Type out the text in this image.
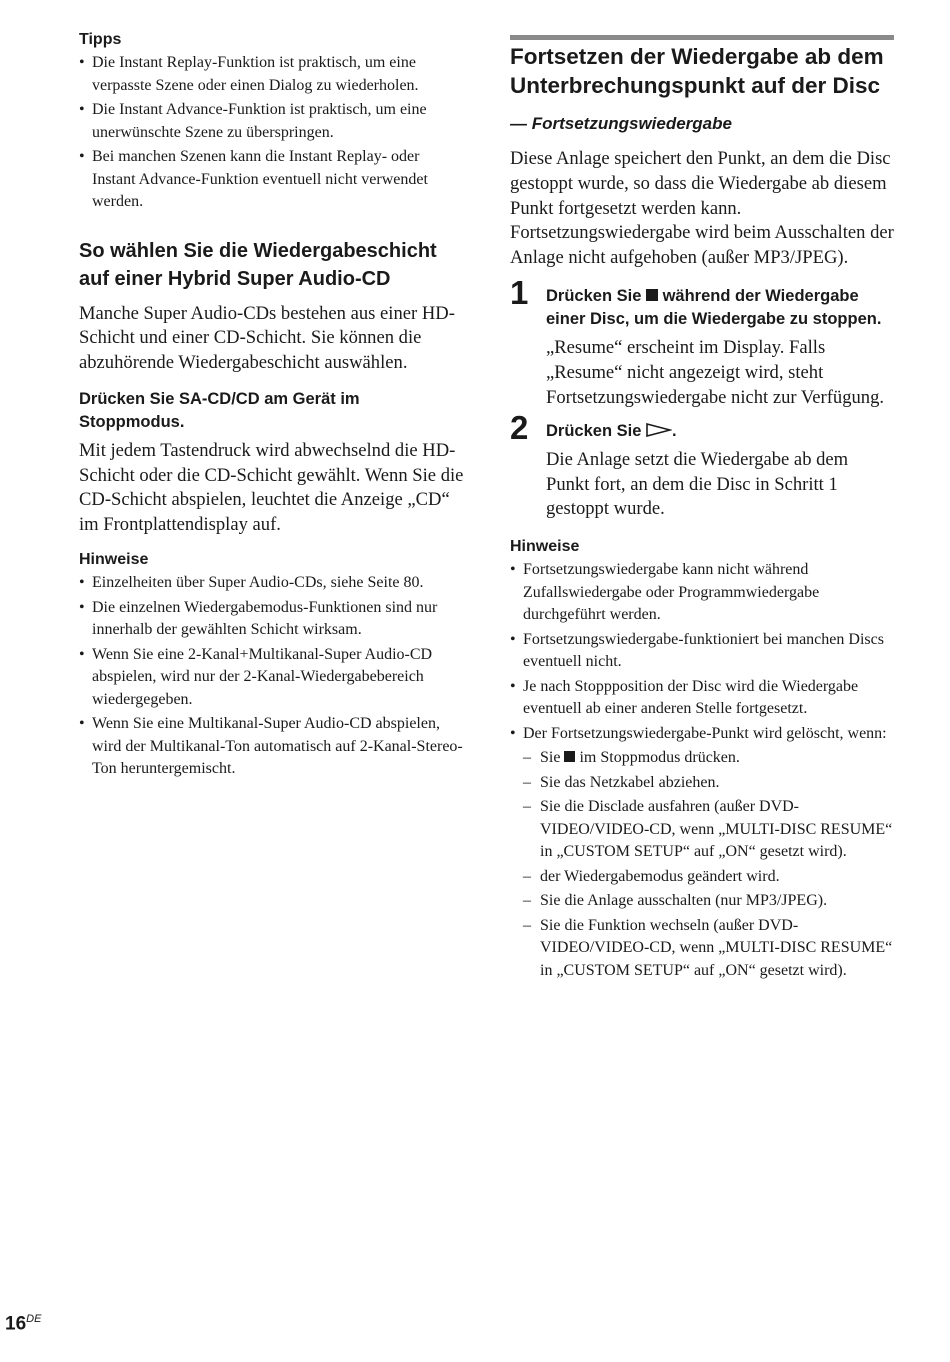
Tipps
• Die Instant Replay-Funktion ist praktisch, um eine verpasste Szene oder einen Dialog zu wiederholen.
• Die Instant Advance-Funktion ist praktisch, um eine unerwünschte Szene zu überspringen.
• Bei manchen Szenen kann die Instant Replay- oder Instant Advance-Funktion eventuell nicht verwendet werden.
So wählen Sie die Wiedergabeschicht auf einer Hybrid Super Audio-CD

Manche Super Audio-CDs bestehen aus einer HD-Schicht und einer CD-Schicht. Sie können die abzuhörende Wiedergabeschicht auswählen.

Drücken Sie SA-CD/CD am Gerät im Stoppmodus.

Mit jedem Tastendruck wird abwechselnd die HD-Schicht oder die CD-Schicht gewählt. Wenn Sie die CD-Schicht abspielen, leuchtet die Anzeige „CD“ im Frontplattendisplay auf.

Hinweise
• Einzelheiten über Super Audio-CDs, siehe Seite 80.
• Die einzelnen Wiedergabemodus-Funktionen sind nur innerhalb der gewählten Schicht wirksam.
• Wenn Sie eine 2-Kanal+Multikanal-Super Audio-CD abspielen, wird nur der 2-Kanal-Wiedergabebereich wiedergegeben.
• Wenn Sie eine Multikanal-Super Audio-CD abspielen, wird der Multikanal-Ton automatisch auf 2-Kanal-Stereo-Ton heruntergemischt.
Fortsetzen der Wiedergabe ab dem Unterbrechungspunkt auf der Disc

— Fortsetzungswiedergabe

Diese Anlage speichert den Punkt, an dem die Disc gestoppt wurde, so dass die Wiedergabe ab diesem Punkt fortgesetzt werden kann. Fortsetzungswiedergabe wird beim Ausschalten der Anlage nicht aufgehoben (außer MP3/JPEG).

1 Drücken Sie während der Wiedergabe einer Disc, um die Wiedergabe zu stoppen.

„Resume“ erscheint im Display. Falls „Resume“ nicht angezeigt wird, steht Fortsetzungswiedergabe nicht zur Verfügung.

2 Drücken Sie .

Die Anlage setzt die Wiedergabe ab dem Punkt fort, an dem die Disc in Schritt 1 gestoppt wurde.

Hinweise
• Fortsetzungswiedergabe kann nicht während Zufallswiedergabe oder Programmwiedergabe durchgeführt werden.
• Fortsetzungswiedergabe-funktioniert bei manchen Discs eventuell nicht.
• Je nach Stoppposition der Disc wird die Wiedergabe eventuell ab einer anderen Stelle fortgesetzt.
• Der Fortsetzungswiedergabe-Punkt wird gelöscht, wenn:
– Sie im Stoppmodus drücken.
– Sie das Netzkabel abziehen.
– Sie die Disclade ausfahren (außer DVD-VIDEO/VIDEO-CD, wenn „MULTI-DISC RESUME“ in „CUSTOM SETUP“ auf „ON“ gesetzt wird).
– der Wiedergabemodus geändert wird.
– Sie die Anlage ausschalten (nur MP3/JPEG).
– Sie die Funktion wechseln (außer DVD-VIDEO/VIDEO-CD, wenn „MULTI-DISC RESUME“ in „CUSTOM SETUP“ auf „ON“ gesetzt wird).
16DE
